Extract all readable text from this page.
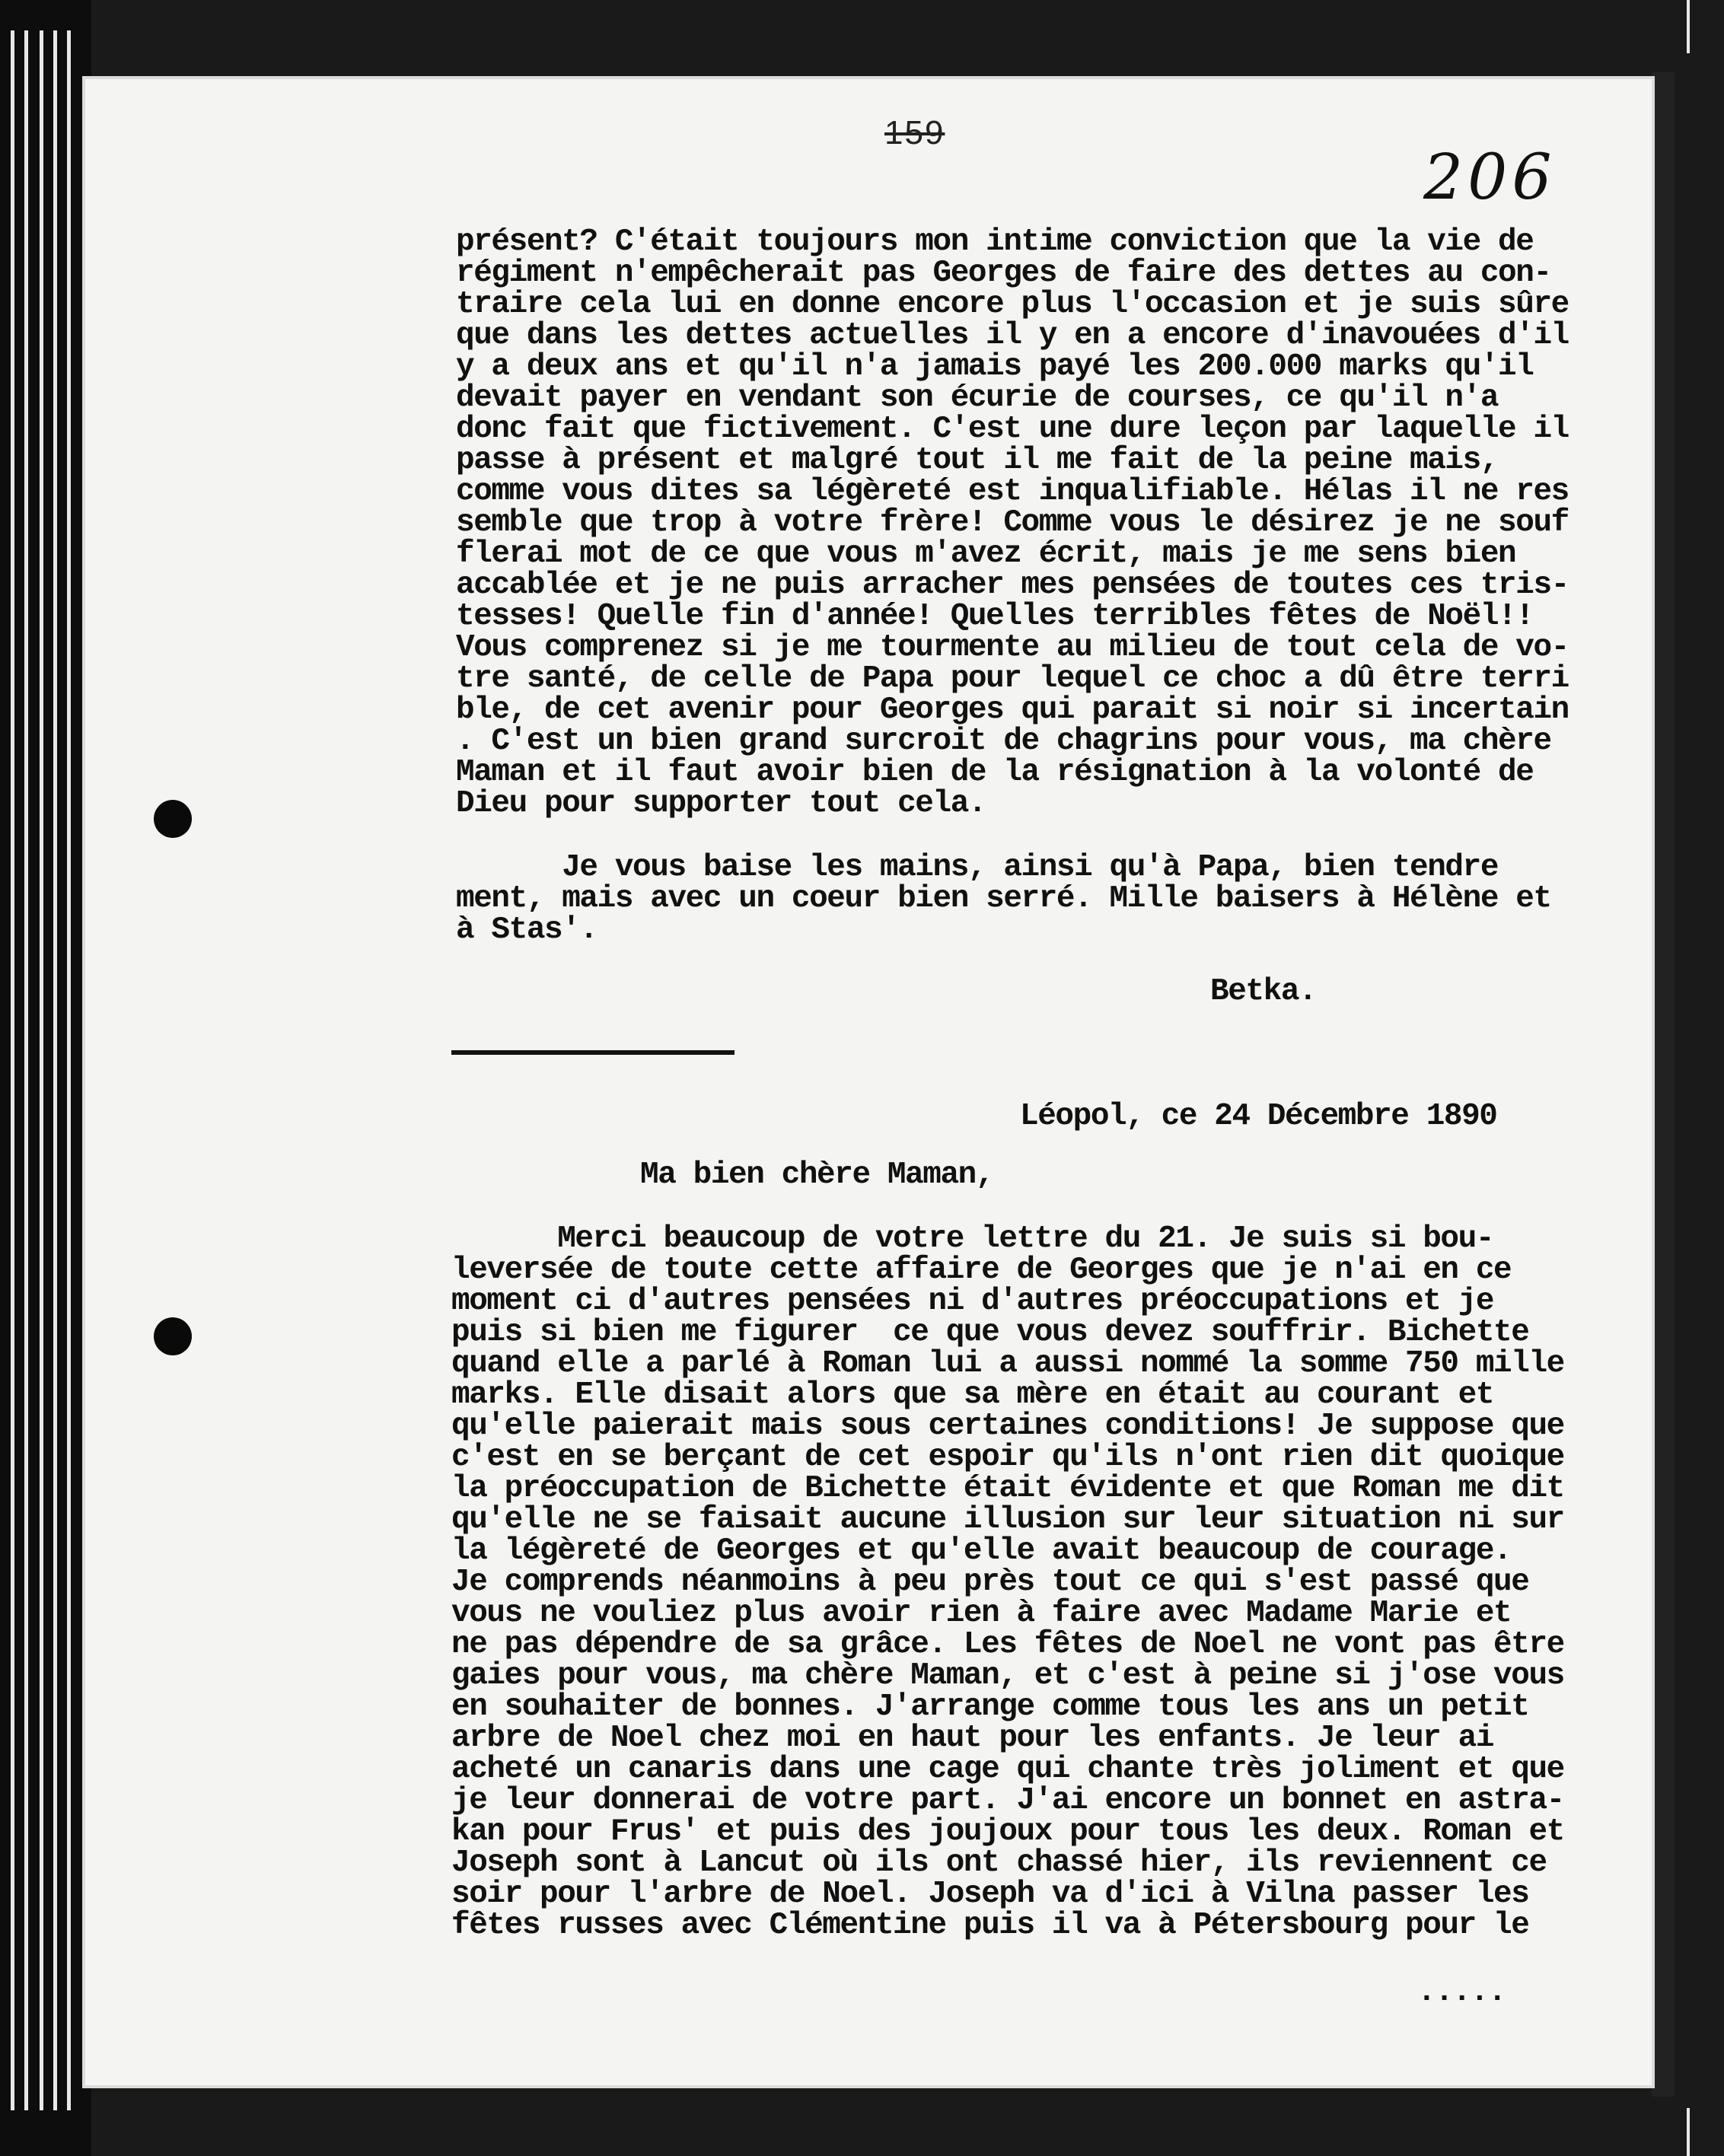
159
206

présent? C'était toujours mon intime conviction que la vie de

régiment n'empêcherait pas Georges de faire des dettes au con-

traire cela lui en donne encore plus l'occasion et je suis sûre

que dans les dettes actuelles il y en a encore d'inavouées d'il

y a deux ans et qu'il n'a jamais payé les 200.000 marks qu'il

devait payer en vendant son écurie de courses, ce qu'il n'a

donc fait que fictivement. C'est une dure leçon par laquelle il

passe à présent et malgré tout il me fait de la peine mais,

comme vous dites sa légèreté est inqualifiable. Hélas il ne res

semble que trop à votre frère! Comme vous le désirez je ne souf

flerai mot de ce que vous m'avez écrit, mais je me sens bien

accablée et je ne puis arracher mes pensées de toutes ces tris-

tesses! Quelle fin d'année! Quelles terribles fêtes de Noël!!

Vous comprenez si je me tourmente au milieu de tout cela de vo-

tre santé, de celle de Papa pour lequel ce choc a dû être terri

ble, de cet avenir pour Georges qui parait si noir si incertain

. C'est un bien grand surcroit de chagrins pour vous, ma chère

Maman et il faut avoir bien de la résignation à la volonté de

Dieu pour supporter tout cela.

Je vous baise les mains, ainsi qu'à Papa, bien tendre

ment, mais avec un coeur bien serré. Mille baisers à Hélène et

à Stas'.

Betka.

Léopol, ce 24 Décembre 1890

Ma bien chère Maman,

Merci beaucoup de votre lettre du 21. Je suis si bou-

leversée de toute cette affaire de Georges que je n'ai en ce

moment ci d'autres pensées ni d'autres préoccupations et je

puis si bien me figurer  ce que vous devez souffrir. Bichette

quand elle a parlé à Roman lui a aussi nommé la somme 750 mille

marks. Elle disait alors que sa mère en était au courant et

qu'elle paierait mais sous certaines conditions! Je suppose que

c'est en se berçant de cet espoir qu'ils n'ont rien dit quoique

la préoccupation de Bichette était évidente et que Roman me dit

qu'elle ne se faisait aucune illusion sur leur situation ni sur

la légèreté de Georges et qu'elle avait beaucoup de courage.

Je comprends néanmoins à peu près tout ce qui s'est passé que

vous ne vouliez plus avoir rien à faire avec Madame Marie et

ne pas dépendre de sa grâce. Les fêtes de Noel ne vont pas être

gaies pour vous, ma chère Maman, et c'est à peine si j'ose vous

en souhaiter de bonnes. J'arrange comme tous les ans un petit

arbre de Noel chez moi en haut pour les enfants. Je leur ai

acheté un canaris dans une cage qui chante très joliment et que

je leur donnerai de votre part. J'ai encore un bonnet en astra-

kan pour Frus' et puis des joujoux pour tous les deux. Roman et

Joseph sont à Lancut où ils ont chassé hier, ils reviennent ce

soir pour l'arbre de Noel. Joseph va d'ici à Vilna passer les

fêtes russes avec Clémentine puis il va à Pétersbourg pour le

.....
